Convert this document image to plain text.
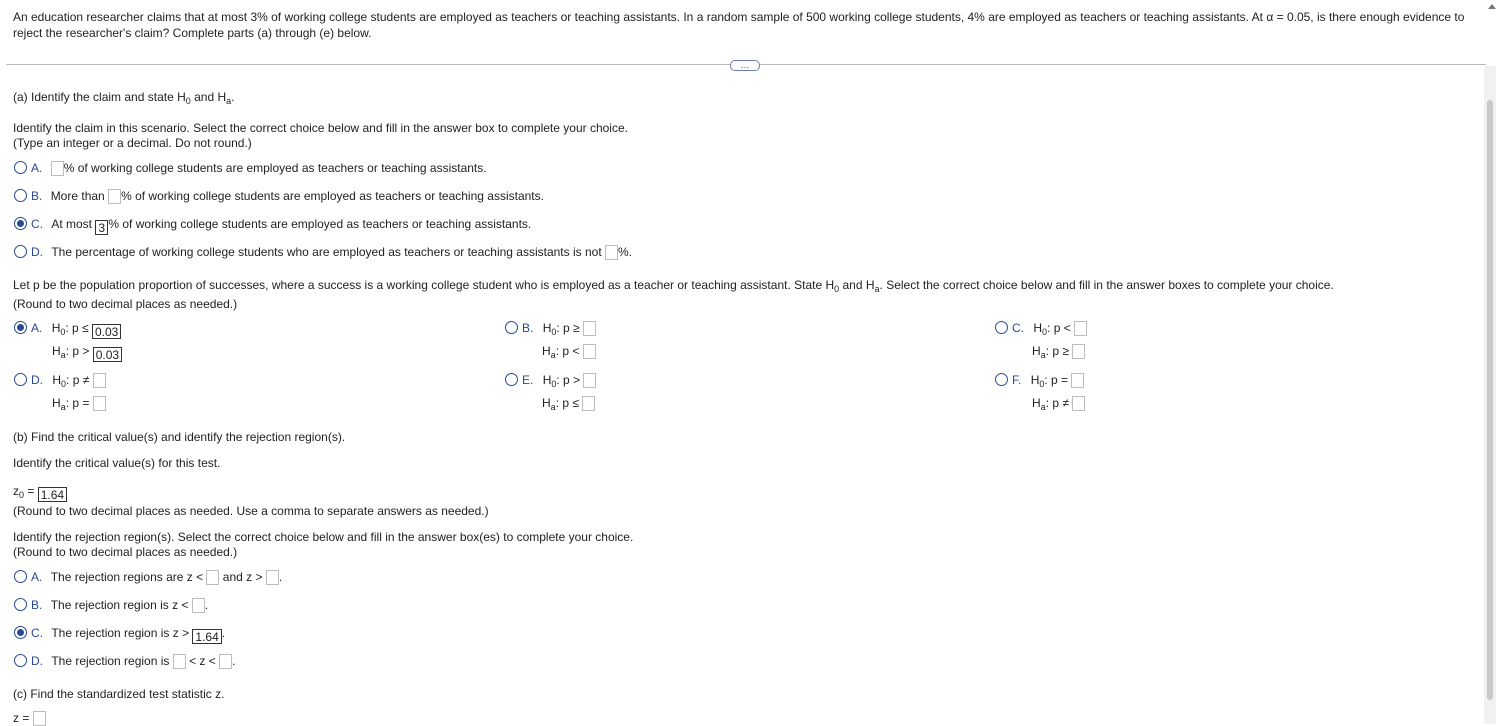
An education researcher claims that at most 3% of working college students are employed as teachers or teaching assistants. In a random sample of 500 working college students, 4% are employed as teachers or teaching assistants. At α = 0.05, is there enough evidence to reject the researcher's claim? Complete parts (a) through (e) below.
…
(a) Identify the claim and state $H_0$ and $H_a$.
Identify the claim in this scenario. Select the correct choice below and fill in the answer box to complete your choice.
(Type an integer or a decimal. Do not round.)
A. % of working college students are employed as teachers or teaching assistants.
B. More than % of working college students are employed as teachers or teaching assistants.
C. At most 3 % of working college students are employed as teachers or teaching assistants.
D. The percentage of working college students who are employed as teachers or teaching assistants is not %.
Let p be the population proportion of successes, where a success is a working college student who is employed as a teacher or teaching assistant. State $H_0$ and $H_a$. Select the correct choice below and fill in the answer boxes to complete your choice.
(Round to two decimal places as needed.)
A. $H_0$: p ≤ 0.03
$H_a$: p > 0.03
B. $H_0$: p ≥
$H_a$: p <
C. $H_0$: p <
$H_a$: p ≥
D. $H_0$: p ≠
$H_a$: p =
E. $H_0$: p >
$H_a$: p ≤
F. $H_0$: p =
$H_a$: p ≠
(b) Find the critical value(s) and identify the rejection region(s).
Identify the critical value(s) for this test.
$z_0 = 1.64$
(Round to two decimal places as needed. Use a comma to separate answers as needed.)
Identify the rejection region(s). Select the correct choice below and fill in the answer box(es) to complete your choice.
(Round to two decimal places as needed.)
A. The rejection regions are z <  and z > .
B. The rejection region is z < .
C. The rejection region is z > 1.64 .
D. The rejection region is  < z < .
(c) Find the standardized test statistic z.
z =
